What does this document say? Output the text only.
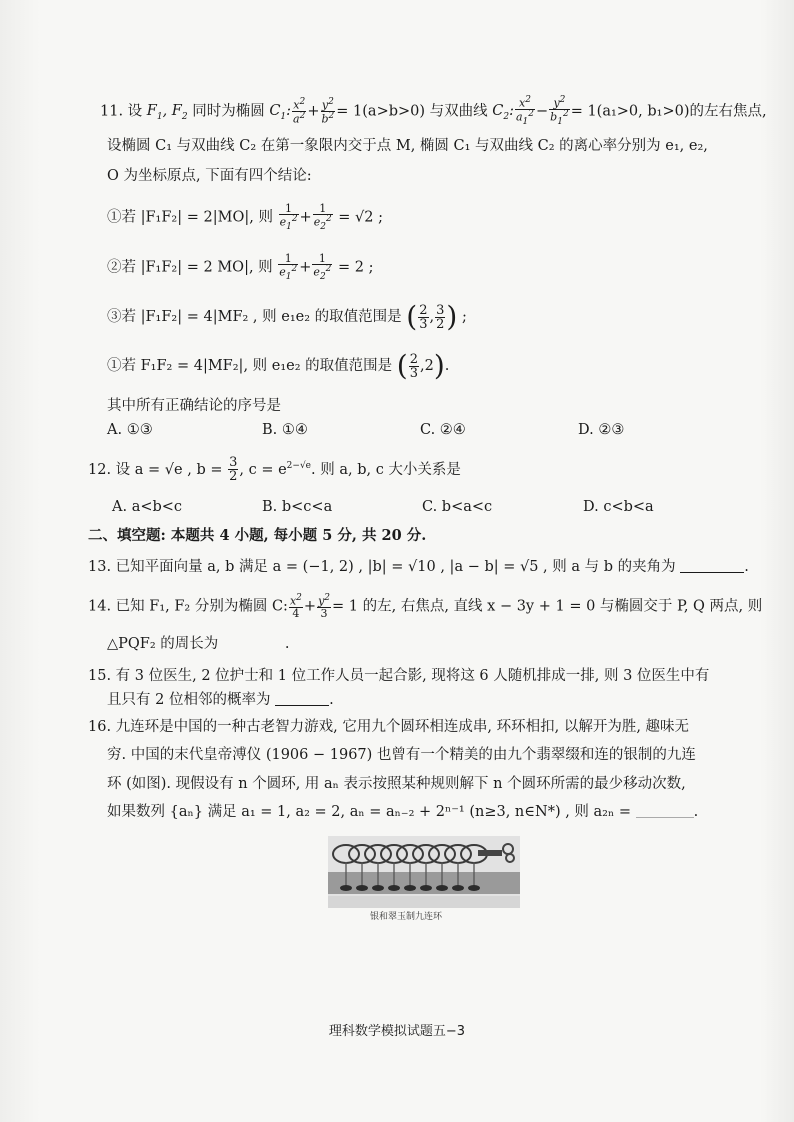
11. 设 $F_1$, $F_2$ 同时为椭圆 $C_1$: $\frac{x^2}{a^2} + \frac{y^2}{b^2} = 1(a>b>0)$ 与双曲线 $C_2$: $\frac{x^2}{a_1^2} - \frac{y^2}{b_1^2} = 1(a_1>0$, b₁>0)的左右焦点,
设椭圆 C₁ 与双曲线 C₂ 在第一象限内交于点 M, 椭圆 C₁ 与双曲线 C₂ 的离心率分别为 e₁, e₂,
O 为坐标原点, 下面有四个结论:
①若 |F₁F₂| = 2|MO|, 则 $\frac{1}{e_1^2} + \frac{1}{e_2^2} = √2$ ;
②若 |F₁F₂| = 2 MO|, 则 $\frac{1}{e_1^2} + \frac{1}{e_2^2} = 2$ ;
③若 |F₁F₂| = 4|MF₂ , 则 e₁e₂ 的取值范围是 ( $\frac{2}{3}$ , $\frac{3}{2}$ ) ;
①若 F₁F₂ = 4|MF₂|, 则 e₁e₂ 的取值范围是 ( $\frac{2}{3} ,2$).
其中所有正确结论的序号是
A. ①③	B. ①④	C. ②④	D. ②③
12. 设 a = √e , $b = \frac{3}{2}$ , $c = e^{2-√e}$. 则 a, b, c 大小关系是
A. a<b<c	B. b<c<a	C. b<a<c	D. c<b<a
二、填空题: 本题共 4 小题, 每小题 5 分, 共 20 分.
13. 已知平面向量 a, b 满足 a = (−1, 2) , |b| = √10 , |a − b| = √5 , 则 a 与 b 的夹角为	.
14. 已知 F₁, F₂ 分别为椭圆 C: $\frac{x^2}{4} + \frac{y^2}{3} = 1$ 的左, 右焦点, 直线 x − 3y + 1 = 0 与椭圆交于 P, Q 两点, 则
△PQF₂ 的周长为	.
15. 有 3 位医生, 2 位护士和 1 位工作人员一起合影, 现将这 6 人随机排成一排, 则 3 位医生中有
且只有 2 位相邻的概率为	.
16. 九连环是中国的一种古老智力游戏, 它用九个圆环相连成串, 环环相扣, 以解开为胜, 趣味无
穷. 中国的末代皇帝溥仪 (1906 − 1967) 也曾有一个精美的由九个翡翠缀和连的银制的九连
环 (如图). 现假设有 n 个圆环, 用 aₙ 表示按照某种规则解下 n 个圆环所需的最少移动次数,
如果数列 {aₙ} 满足 a₁ = 1, a₂ = 2, aₙ = aₙ₋₂ + 2ⁿ⁻¹ (n≥3, n∈N*) , 则 a₂ₙ =	.
银和翠玉制九连环
理科数学模拟试题五−3
